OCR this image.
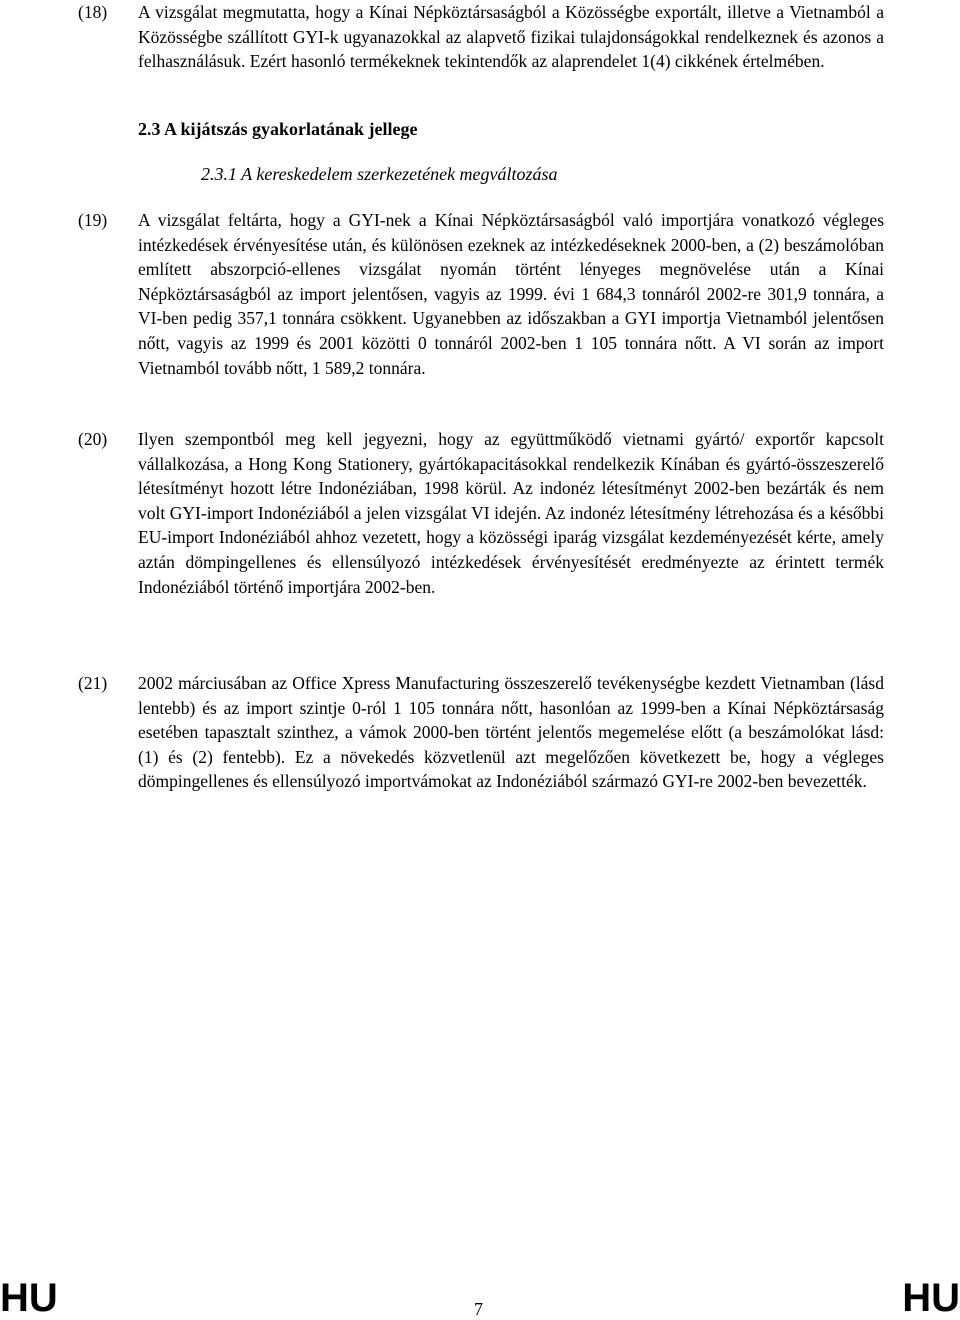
(18)	A vizsgálat megmutatta, hogy a Kínai Népköztársaságból a Közösségbe exportált, illetve a Vietnamból a Közösségbe szállított GYI-k ugyanazokkal az alapvető fizikai tulajdonságokkal rendelkeznek és azonos a felhasználásuk. Ezért hasonló termékeknek tekintendők az alaprendelet 1(4) cikkének értelmében.
2.3 A kijátszás gyakorlatának jellege
2.3.1 A kereskedelem szerkezetének megváltozása
(19)	A vizsgálat feltárta, hogy a GYI-nek a Kínai Népköztársaságból való importjára vonatkozó végleges intézkedések érvényesítése után, és különösen ezeknek az intézkedéseknek 2000-ben, a (2) beszámolóban említett abszorpció-ellenes vizsgálat nyomán történt lényeges megnövelése után a Kínai Népköztársaságból az import jelentősen, vagyis az 1999. évi 1 684,3 tonnáról 2002-re 301,9 tonnára, a VI-ben pedig 357,1 tonnára csökkent. Ugyanebben az időszakban a GYI importja Vietnamból jelentősen nőtt, vagyis az 1999 és 2001 közötti 0 tonnáról 2002-ben 1 105 tonnára nőtt. A VI során az import Vietnamból tovább nőtt, 1 589,2 tonnára.
(20)	Ilyen szempontból meg kell jegyezni, hogy az együttműködő vietnami gyártó/ exportőr kapcsolt vállalkozása, a Hong Kong Stationery, gyártókapacitásokkal rendelkezik Kínában és gyártó-összeszerelő létesítményt hozott létre Indonéziában, 1998 körül. Az indonéz létesítményt 2002-ben bezárták és nem volt GYI-import Indonéziából a jelen vizsgálat VI idején. Az indonéz létesítmény létrehozása és a későbbi EU-import Indonéziából ahhoz vezetett, hogy a közösségi iparág vizsgálat kezdeményezését kérte, amely aztán dömpingellenes és ellensúlyozó intézkedések érvényesítését eredményezte az érintett termék Indonéziából történő importjára 2002-ben.
(21)	2002 márciusában az Office Xpress Manufacturing összeszerelő tevékenységbe kezdett Vietnamban (lásd lentebb) és az import szintje 0-ról 1 105 tonnára nőtt, hasonlóan az 1999-ben a Kínai Népköztársaság esetében tapasztalt szinthez, a vámok 2000-ben történt jelentős megemelése előtt (a beszámolókat lásd: (1) és (2) fentebb). Ez a növekedés közvetlenül azt megelőzően következett be, hogy a végleges dömpingellenes és ellensúlyozó importvámokat az Indonéziából származó GYI-re 2002-ben bevezették.
HU	7	HU
